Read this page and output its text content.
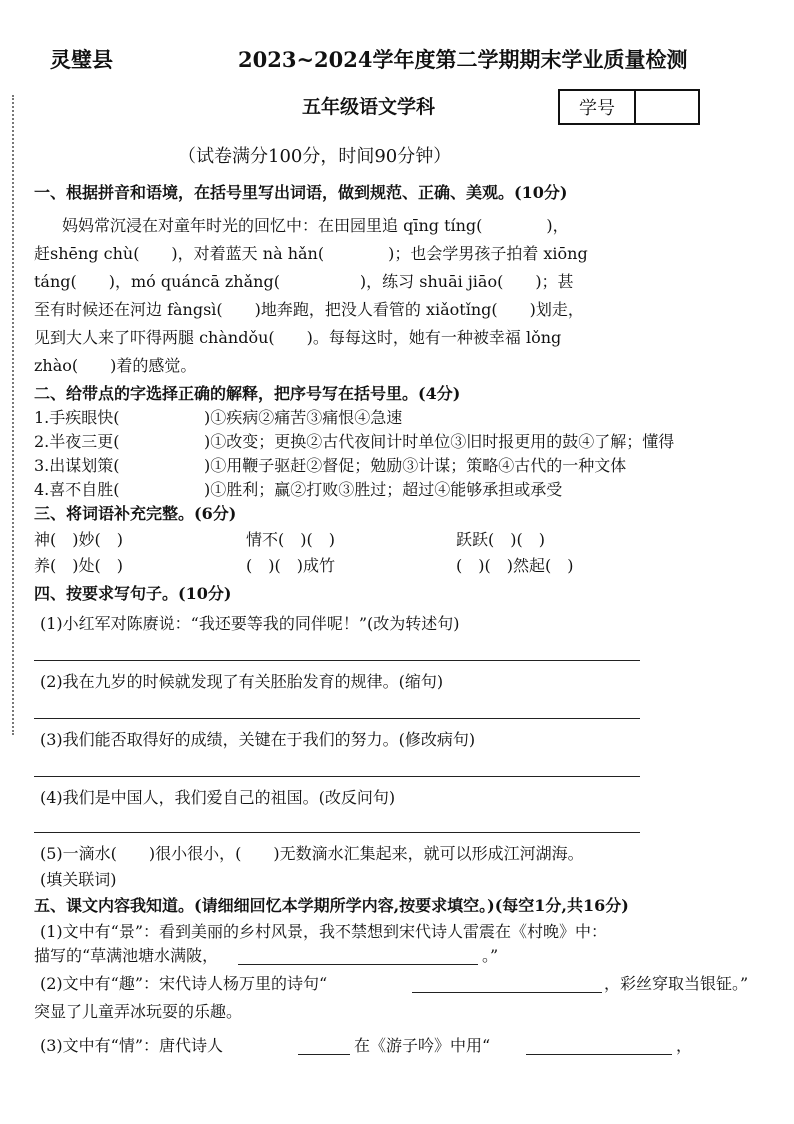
灵璧县	2023~2024学年度第二学期期末学业质量检测
五年级语文学科	学号
（试卷满分100分，时间90分钟）
一、根据拼音和语境，在括号里写出词语，做到规范、正确、美观。(10分)
妈妈常沉浸在对童年时光的回忆中：在田园里追 qīng tíng(　　　　)，
赶shēng chù(　　)，对着蓝天 nà hǎn(　　　　)；也会学男孩子拍着 xiōng
táng(　　)，mó quáncā zhǎng(　　　　　)，练习 shuāi jiāo(　　)；甚
至有时候还在河边 fàngsì(　　)地奔跑，把没人看管的 xiǎotǐng(　　)划走，
见到大人来了吓得两腿 chàndǒu(　　)。每每这时，她有一种被幸福 lǒng
zhào(　　)着的感觉。
二、给带点的字选择正确的解释，把序号写在括号里。(4分)
1.手疾眼快(	)①疾病②痛苦③痛恨④急速
2.半夜三更(	)①改变；更换②古代夜间计时单位③旧时报更用的鼓④了解；懂得
3.出谋划策(	)①用鞭子驱赶②督促；勉励③计谋；策略④古代的一种文体
4.喜不自胜(	)①胜利；赢②打败③胜过；超过④能够承担或承受
三、将词语补充完整。(6分)
神(　)妙(　)	情不(　)(　)	跃跃(　)(　)
养(　)处(　)	(　)(　)成竹	(　)(　)然起(　)
四、按要求写句子。(10分)
(1)小红军对陈赓说：“我还要等我的同伴呢！”(改为转述句)
(2)我在九岁的时候就发现了有关胚胎发育的规律。(缩句)
(3)我们能否取得好的成绩，关键在于我们的努力。(修改病句)
(4)我们是中国人，我们爱自己的祖国。(改反问句)
(5)一滴水(　　)很小很小，(　　)无数滴水汇集起来，就可以形成江河湖海。
(填关联词)
五、课文内容我知道。(请细细回忆本学期所学内容,按要求填空。)(每空1分,共16分)
(1)文中有“景”：看到美丽的乡村风景，我不禁想到宋代诗人雷震在《村晚》中：
描写的“草满池塘水满陂，	。”
(2)文中有“趣”：宋代诗人杨万里的诗句“	，彩丝穿取当银钲。”
突显了儿童弄冰玩耍的乐趣。
(3)文中有“情”：唐代诗人	在《游子吟》中用“	，
